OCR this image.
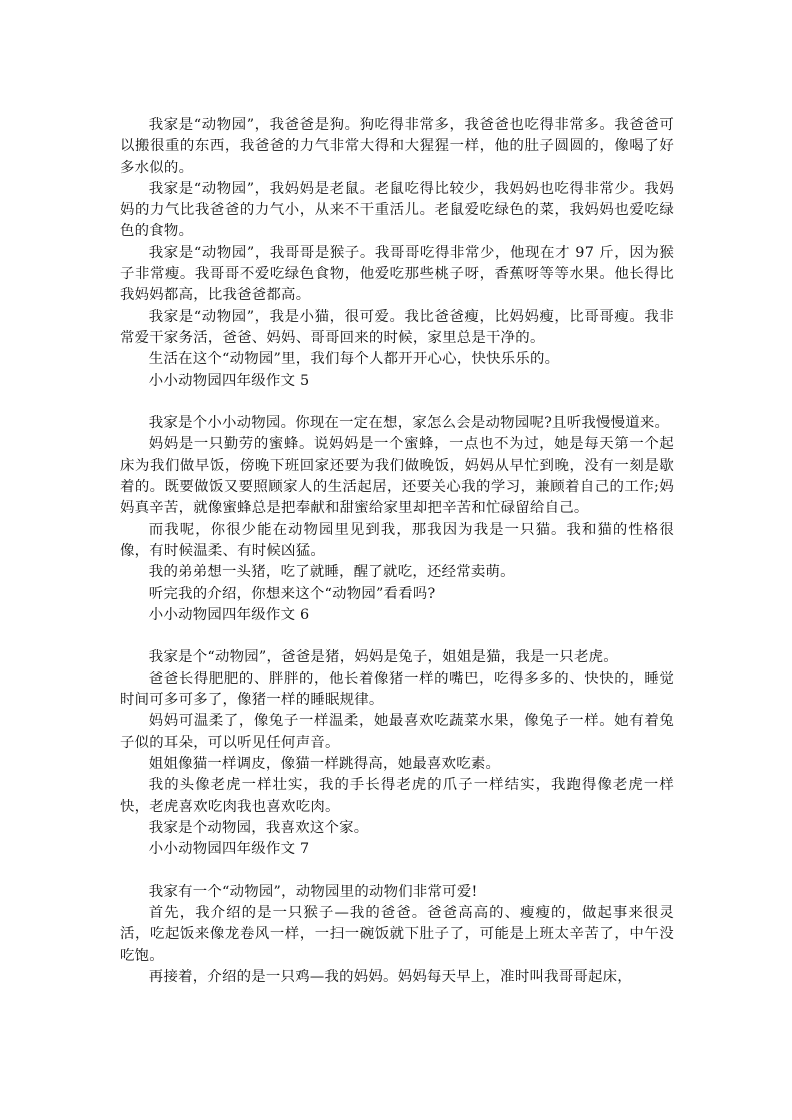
我家是“动物园”，我爸爸是狗。狗吃得非常多，我爸爸也吃得非常多。我爸爸可以搬很重的东西，我爸爸的力气非常大得和大猩猩一样，他的肚子圆圆的，像喝了好多水似的。

我家是“动物园”，我妈妈是老鼠。老鼠吃得比较少，我妈妈也吃得非常少。我妈妈的力气比我爸爸的力气小，从来不干重活儿。老鼠爱吃绿色的菜，我妈妈也爱吃绿色的食物。

我家是“动物园”，我哥哥是猴子。我哥哥吃得非常少，他现在才 97 斤，因为猴子非常瘦。我哥哥不爱吃绿色食物，他爱吃那些桃子呀，香蕉呀等等水果。他长得比我妈妈都高，比我爸爸都高。

我家是“动物园”，我是小猫，很可爱。我比爸爸瘦，比妈妈瘦，比哥哥瘦。我非常爱干家务活，爸爸、妈妈、哥哥回来的时候，家里总是干净的。

生活在这个“动物园”里，我们每个人都开开心心，快快乐乐的。

小小动物园四年级作文 5

我家是个小小动物园。你现在一定在想，家怎么会是动物园呢?且听我慢慢道来。

妈妈是一只勤劳的蜜蜂。说妈妈是一个蜜蜂，一点也不为过，她是每天第一个起床为我们做早饭，傍晚下班回家还要为我们做晚饭，妈妈从早忙到晚，没有一刻是歇着的。既要做饭又要照顾家人的生活起居，还要关心我的学习，兼顾着自己的工作;妈妈真辛苦，就像蜜蜂总是把奉献和甜蜜给家里却把辛苦和忙碌留给自己。

而我呢，你很少能在动物园里见到我，那我因为我是一只猫。我和猫的性格很像，有时候温柔、有时候凶猛。

我的弟弟想一头猪，吃了就睡，醒了就吃，还经常卖萌。

听完我的介绍，你想来这个“动物园”看看吗?

小小动物园四年级作文 6

我家是个“动物园”，爸爸是猪，妈妈是兔子，姐姐是猫，我是一只老虎。

爸爸长得肥肥的、胖胖的，他长着像猪一样的嘴巴，吃得多多的、快快的，睡觉时间可多可多了，像猪一样的睡眠规律。

妈妈可温柔了，像兔子一样温柔，她最喜欢吃蔬菜水果，像兔子一样。她有着兔子似的耳朵，可以听见任何声音。

姐姐像猫一样调皮，像猫一样跳得高，她最喜欢吃素。

我的头像老虎一样壮实，我的手长得老虎的爪子一样结实，我跑得像老虎一样快，老虎喜欢吃肉我也喜欢吃肉。

我家是个动物园，我喜欢这个家。

小小动物园四年级作文 7

我家有一个“动物园”，动物园里的动物们非常可爱!

首先，我介绍的是一只猴子—我的爸爸。爸爸高高的、瘦瘦的，做起事来很灵活，吃起饭来像龙卷风一样，一扫一碗饭就下肚子了，可能是上班太辛苦了，中午没吃饱。

再接着，介绍的是一只鸡—我的妈妈。妈妈每天早上，准时叫我哥哥起床，
